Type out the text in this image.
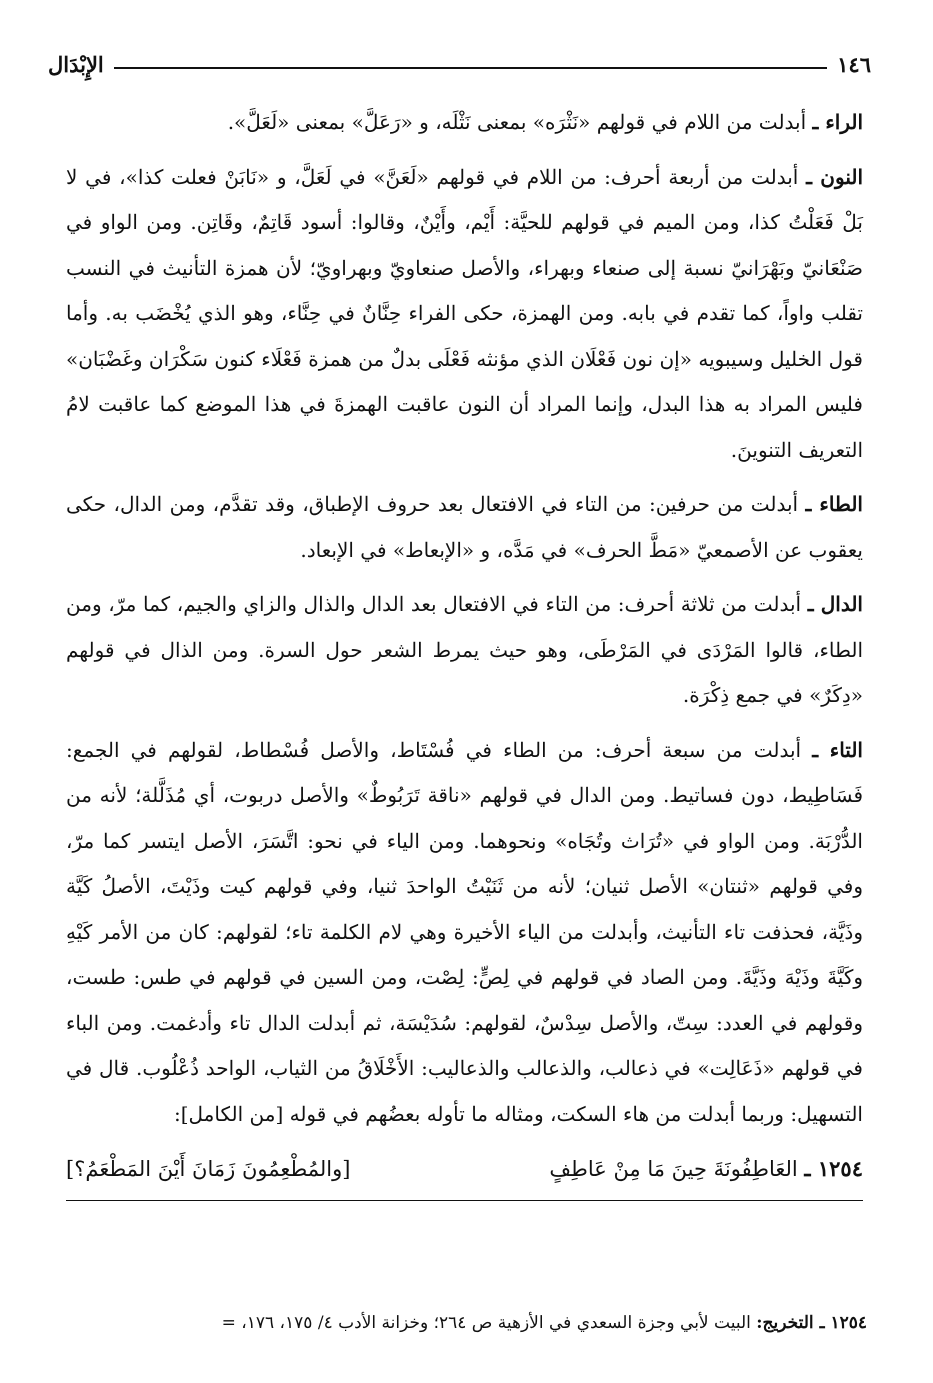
١٤٦
الإِبْدَال

الراء ـ أبدلت من اللام في قولهم «نَثْرَه» بمعنى نَثْلَه، و «رَعَلَّ» بمعنى «لَعَلَّ».

النون ـ أبدلت من أربعة أحرف: من اللام في قولهم «لَعَنَّ» في لَعَلَّ، و «نَابَنْ فعلت كذا»، في لا بَلْ فَعَلْتُ كذا، ومن الميم في قولهم للحيَّة: أَيْم، وأَيْنٌ، وقالوا: أسود قَاتِمٌ، وقَاتِن. ومن الواو في صَنْعَانيّ وبَهْرَانيّ نسبة إلى صنعاء وبهراء، والأصل صنعاويّ وبهراويّ؛ لأن همزة التأنيث في النسب تقلب واواً، كما تقدم في بابه. ومن الهمزة، حكى الفراء حِنَّانٌ في حِنَّاء، وهو الذي يُخْضَب به. وأما قول الخليل وسيبويه «إن نون فَعْلَان الذي مؤنثه فَعْلَى بدلٌ من همزة فَعْلَاء كنون سَكْرَان وغَضْبَان» فليس المراد به هذا البدل، وإنما المراد أن النون عاقبت الهمزةَ في هذا الموضع كما عاقبت لامُ التعريف التنوينَ.

الطاء ـ أبدلت من حرفين: من التاء في الافتعال بعد حروف الإطباق، وقد تقدَّم، ومن الدال، حكى يعقوب عن الأصمعيّ «مَطَّ الحرف» في مَدَّه، و «الإبعاط» في الإبعاد.

الدال ـ أبدلت من ثلاثة أحرف: من التاء في الافتعال بعد الدال والذال والزاي والجيم، كما مرّ، ومن الطاء، قالوا المَرْدَى في المَرْطَى، وهو حيث يمرط الشعر حول السرة. ومن الذال في قولهم «دِكَرٌ» في جمع ذِكْرَة.

التاء ـ أبدلت من سبعة أحرف: من الطاء في فُسْتَاط، والأصل فُسْطاط، لقولهم في الجمع: فَسَاطِيط، دون فساتيط. ومن الدال في قولهم «ناقة تَرَبُوطٌ» والأصل دربوت، أي مُذَلَّلة؛ لأنه من الدُّرْبَة. ومن الواو في «تُرَاث وتُجَاه» ونحوهما. ومن الياء في نحو: اتَّسَرَ، الأصل ايتسر كما مرّ، وفي قولهم «ثنتان» الأصل ثنيان؛ لأنه من ثَنَيْتُ الواحدَ ثنيا، وفي قولهم كيت وذَيْتَ، الأصلُ كَيَّة وذَيَّة، فحذفت تاء التأنيث، وأبدلت من الياء الأخيرة وهي لام الكلمة تاء؛ لقولهم: كان من الأمر كَيْهِ وكَيَّةَ وذَيْهَ وذَيَّةَ. ومن الصاد في قولهم في لِصٍّ: لِصْت، ومن السين في قولهم في طس: طست، وقولهم في العدد: سِتّ، والأصل سِدْسٌ، لقولهم: سُدَيْسَة، ثم أبدلت الدال تاء وأدغمت. ومن الباء في قولهم «ذَعَالِت» في ذعالب، والذعالب والذعاليب: الأَخْلَاقُ من الثياب، الواحد ذُعْلُوب. قال في التسهيل: وربما أبدلت من هاء السكت، ومثاله ما تأوله بعضُهم في قوله [من الكامل]:

١٢٥٤ ـ العَاطِفُونَةَ حِينَ مَا مِنْ عَاطِفٍ
[والمُطْعِمُونَ زَمَانَ أَيْنَ المَطْعَمُ؟]
١٢٥٤ ـ التخريج: البيت لأبي وجزة السعدي في الأزهية ص ٢٦٤؛ وخزانة الأدب ٤/ ١٧٥، ١٧٦، =
